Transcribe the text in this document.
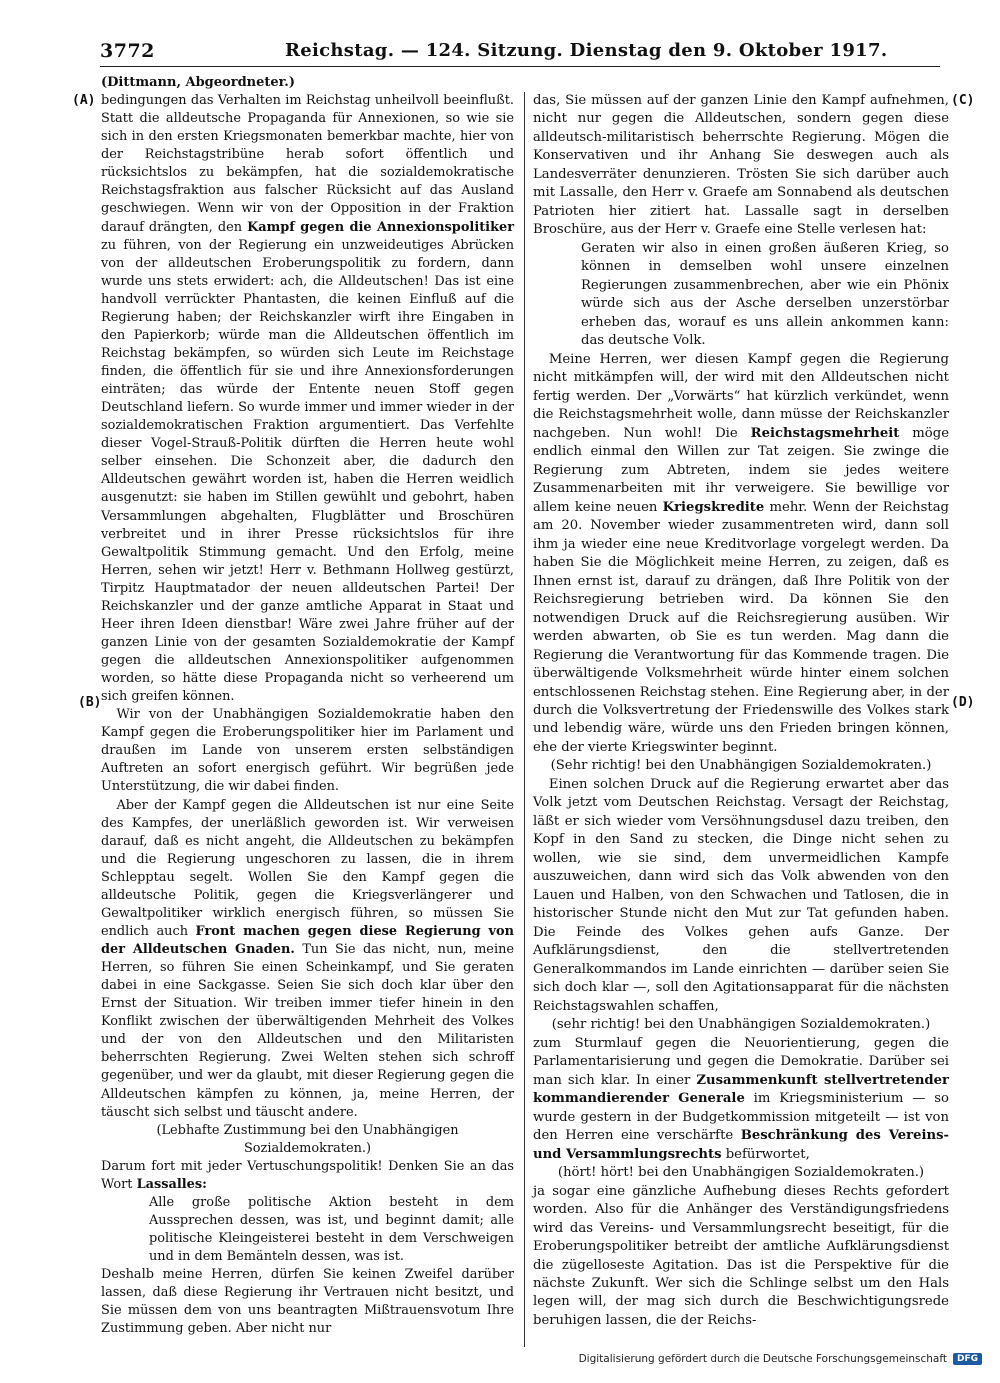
3772	Reichstag. — 124. Sitzung. Dienstag den 9. Oktober 1917.
(A)
(B)
(C)
(D)

(Dittmann, Abgeordneter.)

bedingungen das Verhalten im Reichstag unheilvoll beeinflußt. Statt die alldeutsche Propaganda für Annexionen, so wie sie sich in den ersten Kriegsmonaten bemerkbar machte, hier von der Reichstagstribüne herab sofort öffentlich und rücksichtslos zu bekämpfen, hat die sozialdemokratische Reichstagsfraktion aus falscher Rücksicht auf das Ausland geschwiegen. Wenn wir von der Opposition in der Fraktion darauf drängten, den Kampf gegen die Annexionspolitiker zu führen, von der Regierung ein unzweideutiges Abrücken von der alldeutschen Eroberungspolitik zu fordern, dann wurde uns stets erwidert: ach, die Alldeutschen! Das ist eine handvoll verrückter Phantasten, die keinen Einfluß auf die Regierung haben; der Reichskanzler wirft ihre Eingaben in den Papierkorb; würde man die Alldeutschen öffentlich im Reichstag bekämpfen, so würden sich Leute im Reichstage finden, die öffentlich für sie und ihre Annexionsforderungen einträten; das würde der Entente neuen Stoff gegen Deutschland liefern. So wurde immer und immer wieder in der sozialdemokratischen Fraktion argumentiert. Das Verfehlte dieser Vogel-Strauß-Politik dürften die Herren heute wohl selber einsehen. Die Schonzeit aber, die dadurch den Alldeutschen gewährt worden ist, haben die Herren weidlich ausgenutzt: sie haben im Stillen gewühlt und gebohrt, haben Versammlungen abgehalten, Flugblätter und Broschüren verbreitet und in ihrer Presse rücksichtslos für ihre Gewaltpolitik Stimmung gemacht. Und den Erfolg, meine Herren, sehen wir jetzt! Herr v. Bethmann Hollweg gestürzt, Tirpitz Hauptmatador der neuen alldeutschen Partei! Der Reichskanzler und der ganze amtliche Apparat in Staat und Heer ihren Ideen dienstbar! Wäre zwei Jahre früher auf der ganzen Linie von der gesamten Sozialdemokratie der Kampf gegen die alldeutschen Annexionspolitiker aufgenommen worden, so hätte diese Propaganda nicht so verheerend um sich greifen können.

Wir von der Unabhängigen Sozialdemokratie haben den Kampf gegen die Eroberungspolitiker hier im Parlament und draußen im Lande von unserem ersten selbständigen Auftreten an sofort energisch geführt. Wir begrüßen jede Unterstützung, die wir dabei finden.

Aber der Kampf gegen die Alldeutschen ist nur eine Seite des Kampfes, der unerläßlich geworden ist. Wir verweisen darauf, daß es nicht angeht, die Alldeutschen zu bekämpfen und die Regierung ungeschoren zu lassen, die in ihrem Schlepptau segelt. Wollen Sie den Kampf gegen die alldeutsche Politik, gegen die Kriegsverlängerer und Gewaltpolitiker wirklich energisch führen, so müssen Sie endlich auch Front machen gegen diese Regierung von der Alldeutschen Gnaden. Tun Sie das nicht, nun, meine Herren, so führen Sie einen Scheinkampf, und Sie geraten dabei in eine Sackgasse. Seien Sie sich doch klar über den Ernst der Situation. Wir treiben immer tiefer hinein in den Konflikt zwischen der überwältigenden Mehrheit des Volkes und der von den Alldeutschen und den Militaristen beherrschten Regierung. Zwei Welten stehen sich schroff gegenüber, und wer da glaubt, mit dieser Regierung gegen die Alldeutschen kämpfen zu können, ja, meine Herren, der täuscht sich selbst und täuscht andere.

(Lebhafte Zustimmung bei den Unabhängigen Sozialdemokraten.)

Darum fort mit jeder Vertuschungspolitik! Denken Sie an das Wort Lassalles:

Alle große politische Aktion besteht in dem Aussprechen dessen, was ist, und beginnt damit; alle politische Kleingeisterei besteht in dem Verschweigen und in dem Bemänteln dessen, was ist.

Deshalb meine Herren, dürfen Sie keinen Zweifel darüber lassen, daß diese Regierung ihr Vertrauen nicht besitzt, und Sie müssen dem von uns beantragten Mißtrauensvotum Ihre Zustimmung geben. Aber nicht nur

das, Sie müssen auf der ganzen Linie den Kampf aufnehmen, nicht nur gegen die Alldeutschen, sondern gegen diese alldeutsch-militaristisch beherrschte Regierung. Mögen die Konservativen und ihr Anhang Sie deswegen auch als Landesverräter denunzieren. Trösten Sie sich darüber auch mit Lassalle, den Herr v. Graefe am Sonnabend als deutschen Patrioten hier zitiert hat. Lassalle sagt in derselben Broschüre, aus der Herr v. Graefe eine Stelle verlesen hat:

Geraten wir also in einen großen äußeren Krieg, so können in demselben wohl unsere einzelnen Regierungen zusammenbrechen, aber wie ein Phönix würde sich aus der Asche derselben unzerstörbar erheben das, worauf es uns allein ankommen kann: das deutsche Volk.

Meine Herren, wer diesen Kampf gegen die Regierung nicht mitkämpfen will, der wird mit den Alldeutschen nicht fertig werden. Der „Vorwärts“ hat kürzlich verkündet, wenn die Reichstagsmehrheit wolle, dann müsse der Reichskanzler nachgeben. Nun wohl! Die Reichstagsmehrheit möge endlich einmal den Willen zur Tat zeigen. Sie zwinge die Regierung zum Abtreten, indem sie jedes weitere Zusammenarbeiten mit ihr verweigere. Sie bewillige vor allem keine neuen Kriegskredite mehr. Wenn der Reichstag am 20. November wieder zusammentreten wird, dann soll ihm ja wieder eine neue Kreditvorlage vorgelegt werden. Da haben Sie die Möglichkeit meine Herren, zu zeigen, daß es Ihnen ernst ist, darauf zu drängen, daß Ihre Politik von der Reichsregierung betrieben wird. Da können Sie den notwendigen Druck auf die Reichsregierung ausüben. Wir werden abwarten, ob Sie es tun werden. Mag dann die Regierung die Verantwortung für das Kommende tragen. Die überwältigende Volksmehrheit würde hinter einem solchen entschlossenen Reichstag stehen. Eine Regierung aber, in der durch die Volksvertretung der Friedenswille des Volkes stark und lebendig wäre, würde uns den Frieden bringen können, ehe der vierte Kriegswinter beginnt.

(Sehr richtig! bei den Unabhängigen Sozialdemokraten.)

Einen solchen Druck auf die Regierung erwartet aber das Volk jetzt vom Deutschen Reichstag. Versagt der Reichstag, läßt er sich wieder vom Versöhnungsdusel dazu treiben, den Kopf in den Sand zu stecken, die Dinge nicht sehen zu wollen, wie sie sind, dem unvermeidlichen Kampfe auszuweichen, dann wird sich das Volk abwenden von den Lauen und Halben, von den Schwachen und Tatlosen, die in historischer Stunde nicht den Mut zur Tat gefunden haben. Die Feinde des Volkes gehen aufs Ganze. Der Aufklärungsdienst, den die stellvertretenden Generalkommandos im Lande einrichten — darüber seien Sie sich doch klar —, soll den Agitationsapparat für die nächsten Reichstagswahlen schaffen,

(sehr richtig! bei den Unabhängigen Sozialdemokraten.)

zum Sturmlauf gegen die Neuorientierung, gegen die Parlamentarisierung und gegen die Demokratie. Darüber sei man sich klar. In einer Zusammenkunft stellvertretender kommandierender Generale im Kriegsministerium — so wurde gestern in der Budgetkommission mitgeteilt — ist von den Herren eine verschärfte Beschränkung des Vereins- und Versammlungsrechts befürwortet,

(hört! hört! bei den Unabhängigen Sozialdemokraten.)

ja sogar eine gänzliche Aufhebung dieses Rechts gefordert worden. Also für die Anhänger des Verständigungsfriedens wird das Vereins- und Versammlungsrecht beseitigt, für die Eroberungspolitiker betreibt der amtliche Aufklärungsdienst die zügelloseste Agitation. Das ist die Perspektive für die nächste Zukunft. Wer sich die Schlinge selbst um den Hals legen will, der mag sich durch die Beschwichtigungsrede beruhigen lassen, die der Reichs-

Digitalisierung gefördert durch die Deutsche Forschungsgemeinschaft	DFG
